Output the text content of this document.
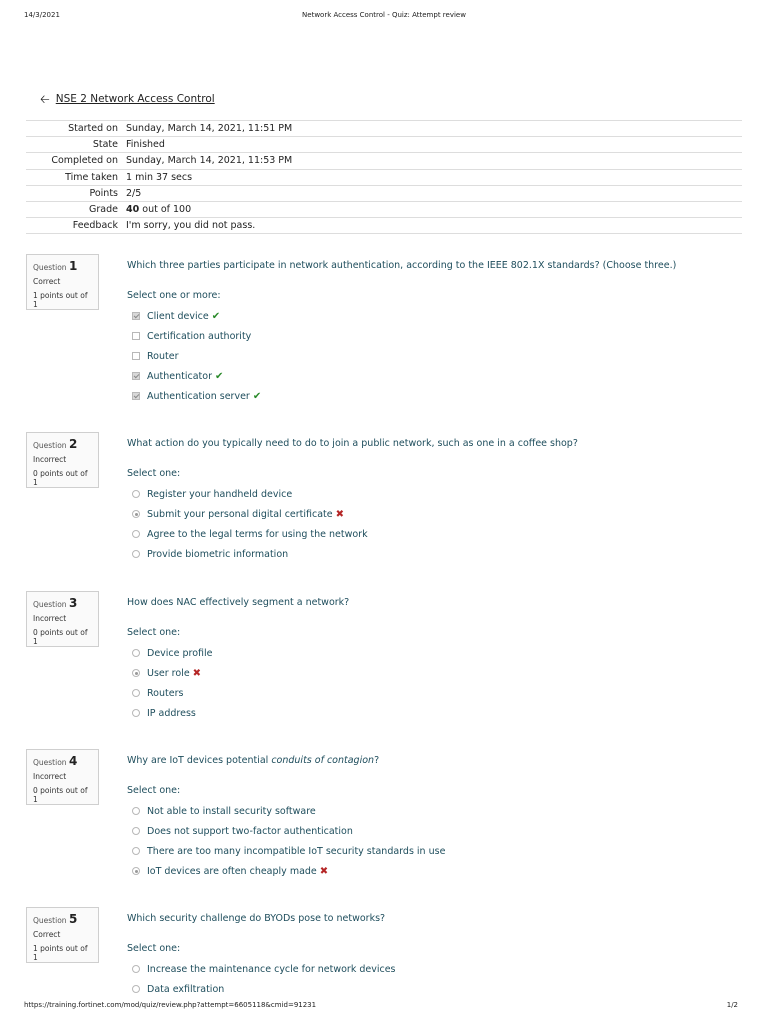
14/3/2021	Network Access Control - Quiz: Attempt review
🡠 NSE 2 Network Access Control
Started on	Sunday, March 14, 2021, 11:51 PM
State	Finished
Completed on	Sunday, March 14, 2021, 11:53 PM
Time taken	1 min 37 secs
Points	2/5
Grade	40 out of 100
Feedback	I'm sorry, you did not pass.
Question 1
Correct
1 points out of 1
Which three parties participate in network authentication, according to the IEEE 802.1X standards? (Choose three.)
Select one or more:
Client device ✔
Certification authority
Router
Authenticator ✔
Authentication server ✔
Question 2
Incorrect
0 points out of 1
What action do you typically need to do to join a public network, such as one in a coffee shop?
Select one:
Register your handheld device
Submit your personal digital certificate ✖
Agree to the legal terms for using the network
Provide biometric information
Question 3
Incorrect
0 points out of 1
How does NAC effectively segment a network?
Select one:
Device profile
User role ✖
Routers
IP address
Question 4
Incorrect
0 points out of 1
Why are IoT devices potential conduits of contagion?
Select one:
Not able to install security software
Does not support two-factor authentication
There are too many incompatible IoT security standards in use
IoT devices are often cheaply made ✖
Question 5
Correct
1 points out of 1
Which security challenge do BYODs pose to networks?
Select one:
Increase the maintenance cycle for network devices
Data exfiltration
https://training.fortinet.com/mod/quiz/review.php?attempt=6605118&cmid=91231	1/2
